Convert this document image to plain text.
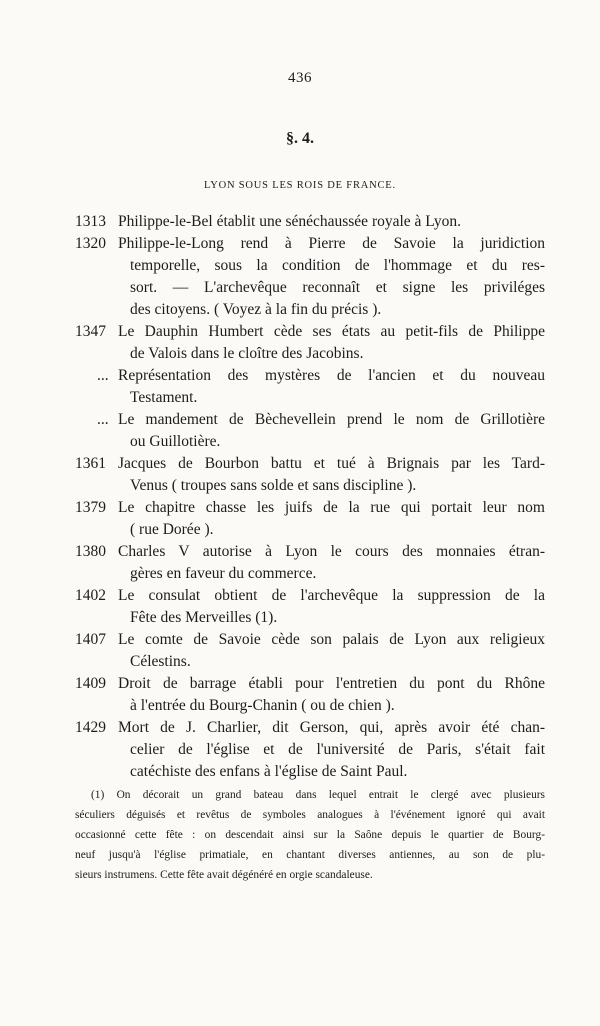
436
§. 4.
LYON SOUS LES ROIS DE FRANCE.
1313 Philippe-le-Bel établit une sénéchaussée royale à Lyon.
1320 Philippe-le-Long rend à Pierre de Savoie la juridiction
temporelle, sous la condition de l'hommage et du res-
sort. — L'archevêque reconnaît et signe les priviléges
des citoyens. ( Voyez à la fin du précis ).
1347 Le Dauphin Humbert cède ses états au petit-fils de Philippe
de Valois dans le cloître des Jacobins.
... Représentation des mystères de l'ancien et du nouveau
Testament.
... Le mandement de Bèchevellein prend le nom de Grillotière
ou Guillotière.
1361 Jacques de Bourbon battu et tué à Brignais par les Tard-
Venus ( troupes sans solde et sans discipline ).
1379 Le chapitre chasse les juifs de la rue qui portait leur nom
( rue Dorée ).
1380 Charles V autorise à Lyon le cours des monnaies étran-
gères en faveur du commerce.
1402 Le consulat obtient de l'archevêque la suppression de la
Fête des Merveilles (1).
1407 Le comte de Savoie cède son palais de Lyon aux religieux
Célestins.
1409 Droit de barrage établi pour l'entretien du pont du Rhône
à l'entrée du Bourg-Chanin ( ou de chien ).
1429 Mort de J. Charlier, dit Gerson, qui, après avoir été chan-
celier de l'église et de l'université de Paris, s'était fait
catéchiste des enfans à l'église de Saint Paul.
(1) On décorait un grand bateau dans lequel entrait le clergé avec plusieurs
séculiers déguisés et revêtus de symboles analogues à l'événement ignoré qui avait
occasionné cette fête : on descendait ainsi sur la Saône depuis le quartier de Bourg-
neuf jusqu'à l'église primatiale, en chantant diverses antiennes, au son de plu-
sieurs instrumens. Cette fête avait dégénéré en orgie scandaleuse.
